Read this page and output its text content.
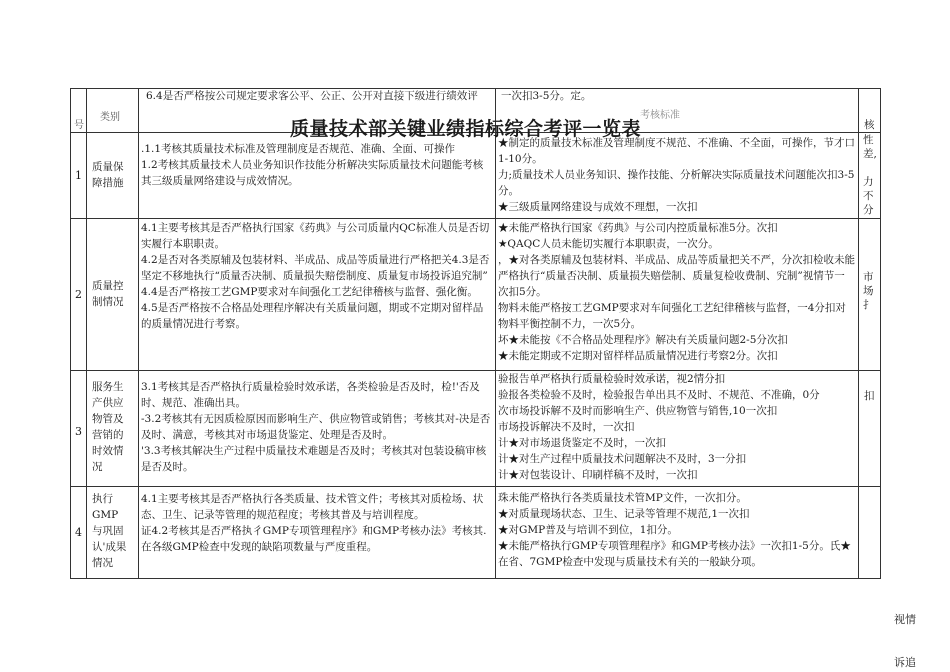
号
类别	考核标准
核
6.4是否严格按公司规定要求客公平、公正、公开对直接下级进行绩效评	一次扣3-5分。定。
质量技术部关键业绩指标综合考评一览表
1
质量保
障措施
.1.1考核其质量技术标准及管理制度是否规范、准确、全面、可操作
1.2考核其质量技术人员业务知识作技能分析解决实际质量技术问题能考核其三级质量网络建设与成效情况。
★制定的质量技术标准及管理制度不规范、不准确、不全面，可操作，节才口1-10分。
力;质量技术人员业务知识、操作技能、分析解决实际质量技术问题能次扣3-5分。
★三级质量网络建设与成效不理想，一次扣
性
差,

力
不
分
2
质量控
制情况
4.1主要考核其是否严格执行国家《药典》与公司质量内QC标准人员是否切实履行本职职责。
4.2是否对各类原辅及包装材料、半成品、成品等质量进行严格把关4.3是否坚定不移地执行“质量否决制、质量损失赔偿制度、质量复市场投诉追究制”
4.4是否严格按工艺GMP要求对车间强化工艺纪律稽核与监督、强化衡。
4.5是否严格按不合格品处理程序解决有关质量问题，期或不定期对留样品的质量情况进行考察。
★未能严格执行国家《药典》与公司内控质量标准5分。次扣
★QAQC人员未能切实履行本职职责，一次分。
，★对各类原辅及包装材料、半成品、成品等质量把关不严，分次扣检收未能严格执行“质量否决制、质量损失赔偿制、质量复检收费制、究制”视情节一次扣5分。
物料未能严格按工艺GMP要求对车间强化工艺纪律稽核与监督，一4分扣对物料平衡控制不力，一次5分。
坏★未能按《不合格品处理程序》解决有关质量问题2-5分次扣
★未能定期或不定期对留样样品质量情况进行考察2分。次扣
市
场
扌
3
服务生
产供应
物管及
营销的
时效情
况
3.1考核其是否严格执行质量检验时效承诺，各类检验是否及时，检!'否及时、规范、准确出具。
-3.2考核其有无因质检原因而影响生产、供应物管或销售；考核其对-决是否及时、满意，考核其对市场退货鉴定、处理是否及时。
'3.3考核其解决生产过程中质量技术难题是否及时；考核其对包装设稿审核是否及时。
验报告单严格执行质量检验时效承诺，视2情分扣
验报各类检验不及时，检验报告单出具不及时、不规范、不准确，0分
次市场投诉解不及时而影响生产、供应物管与销售,10一次扣
市场投诉解决不及时，一次扣
计★对市场退货鉴定不及时，一次扣
计★对生产过程中质量技术问题解决不及时，3一分扣
计★对包装设计、印刷样稿不及时，一次扣
扣
4
执行
GMP
与巩固
认'成果
情况
4.1主要考核其是否严格执行各类质量、技术管文件；考核其对质检场、状态、卫生、记录等管理的规范程度；考核其普及与培训程度。
证4.2考核其是否严格执彳GMP专项管理程序》和GMP考核办法》考核其.在各级GMP检查中发现的缺陷项数量与严度重程。
珠未能严格执行各类质量技术管MP文件，一次扣分。
★对质量现场状态、卫生、记录等管理不规范,1一次扣
★对GMP普及与培训不到位，1扣分。
★未能严格执行GMP专项管理程序》和GMP考核办法》一次扣1-5分。氏★在省、7GMP检查中发现与质量技术有关的一般缺分项。
视情
诉追
